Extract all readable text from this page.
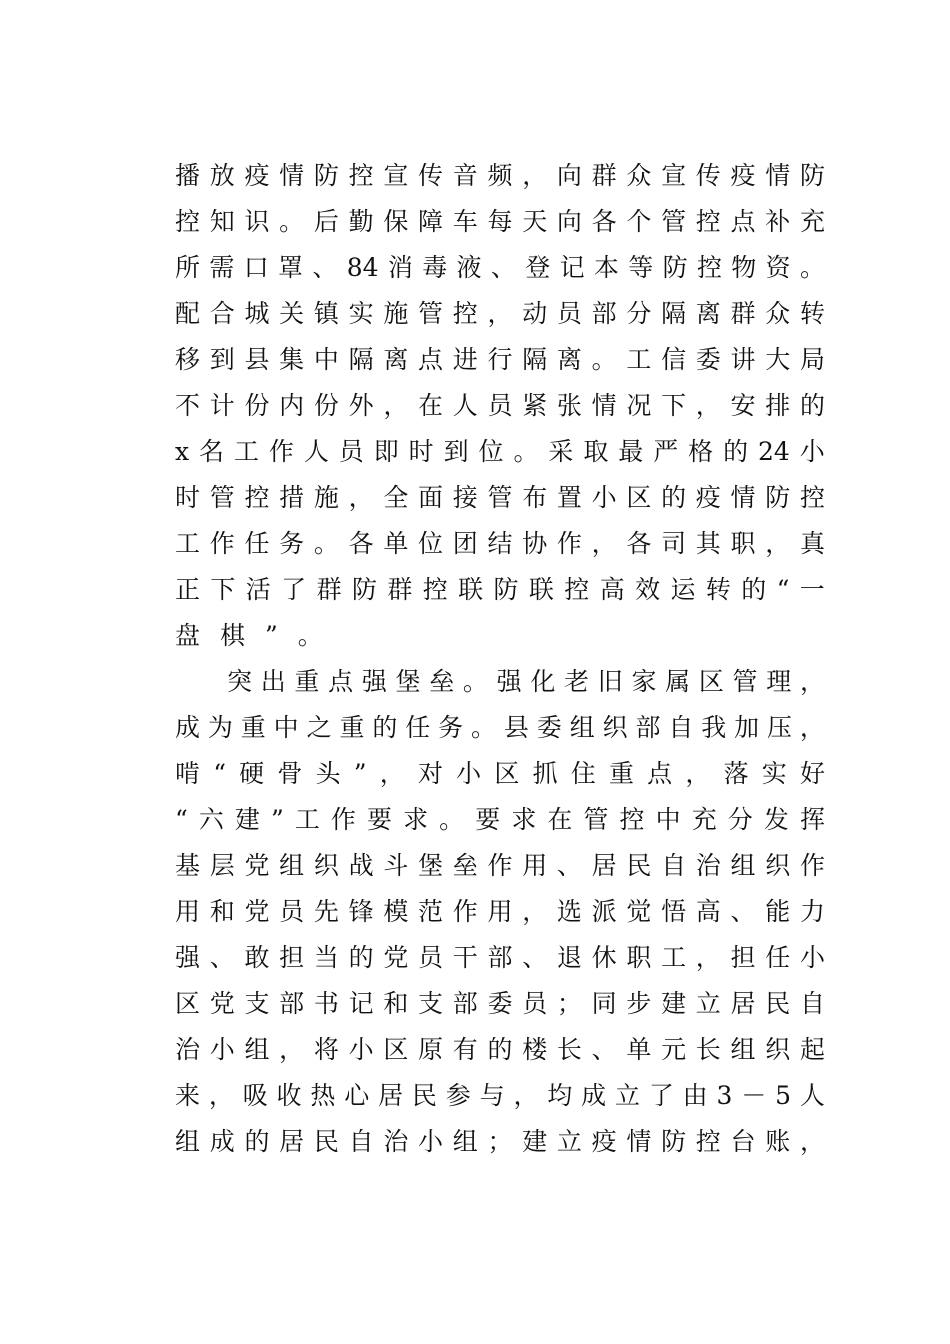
播 放 疫 情 防 控 宣 传 音 频 ， 向 群 众 宣 传 疫 情 防
控 知 识 。 后 勤 保 障 车 每 天 向 各 个 管 控 点 补 充
所 需 口 罩 、 84 消 毒 液 、 登 记 本 等 防 控 物 资 。
配 合 城 关 镇 实 施 管 控 ， 动 员 部 分 隔 离 群 众 转
移 到 县 集 中 隔 离 点 进 行 隔 离 。 工 信 委 讲 大 局
不 计 份 内 份 外 ， 在 人 员 紧 张 情 况 下 ， 安 排 的
x 名 工 作 人 员 即 时 到 位 。 采 取 最 严 格 的 24 小
时 管 控 措 施 ， 全 面 接 管 布 置 小 区 的 疫 情 防 控
工 作 任 务 。 各 单 位 团 结 协 作 ， 各 司 其 职 ， 真
正 下 活 了 群 防 群 控 联 防 联 控 高 效 运 转 的 “ 一
盘棋”。
突 出 重 点 强 堡 垒 。 强 化 老 旧 家 属 区 管 理 ，
成 为 重 中 之 重 的 任 务 。 县 委 组 织 部 自 我 加 压 ，
啃 “ 硬 骨 头 ” ， 对 小 区 抓 住 重 点 ， 落 实 好
“ 六 建 ” 工 作 要 求 。 要 求 在 管 控 中 充 分 发 挥
基 层 党 组 织 战 斗 堡 垒 作 用 、 居 民 自 治 组 织 作
用 和 党 员 先 锋 模 范 作 用 ， 选 派 觉 悟 高 、 能 力
强 、 敢 担 当 的 党 员 干 部 、 退 休 职 工 ， 担 任 小
区 党 支 部 书 记 和 支 部 委 员 ； 同 步 建 立 居 民 自
治 小 组 ， 将 小 区 原 有 的 楼 长 、 单 元 长 组 织 起
来 ， 吸 收 热 心 居 民 参 与 ， 均 成 立 了 由 3 － 5 人
组 成 的 居 民 自 治 小 组 ； 建 立 疫 情 防 控 台 账 ，
